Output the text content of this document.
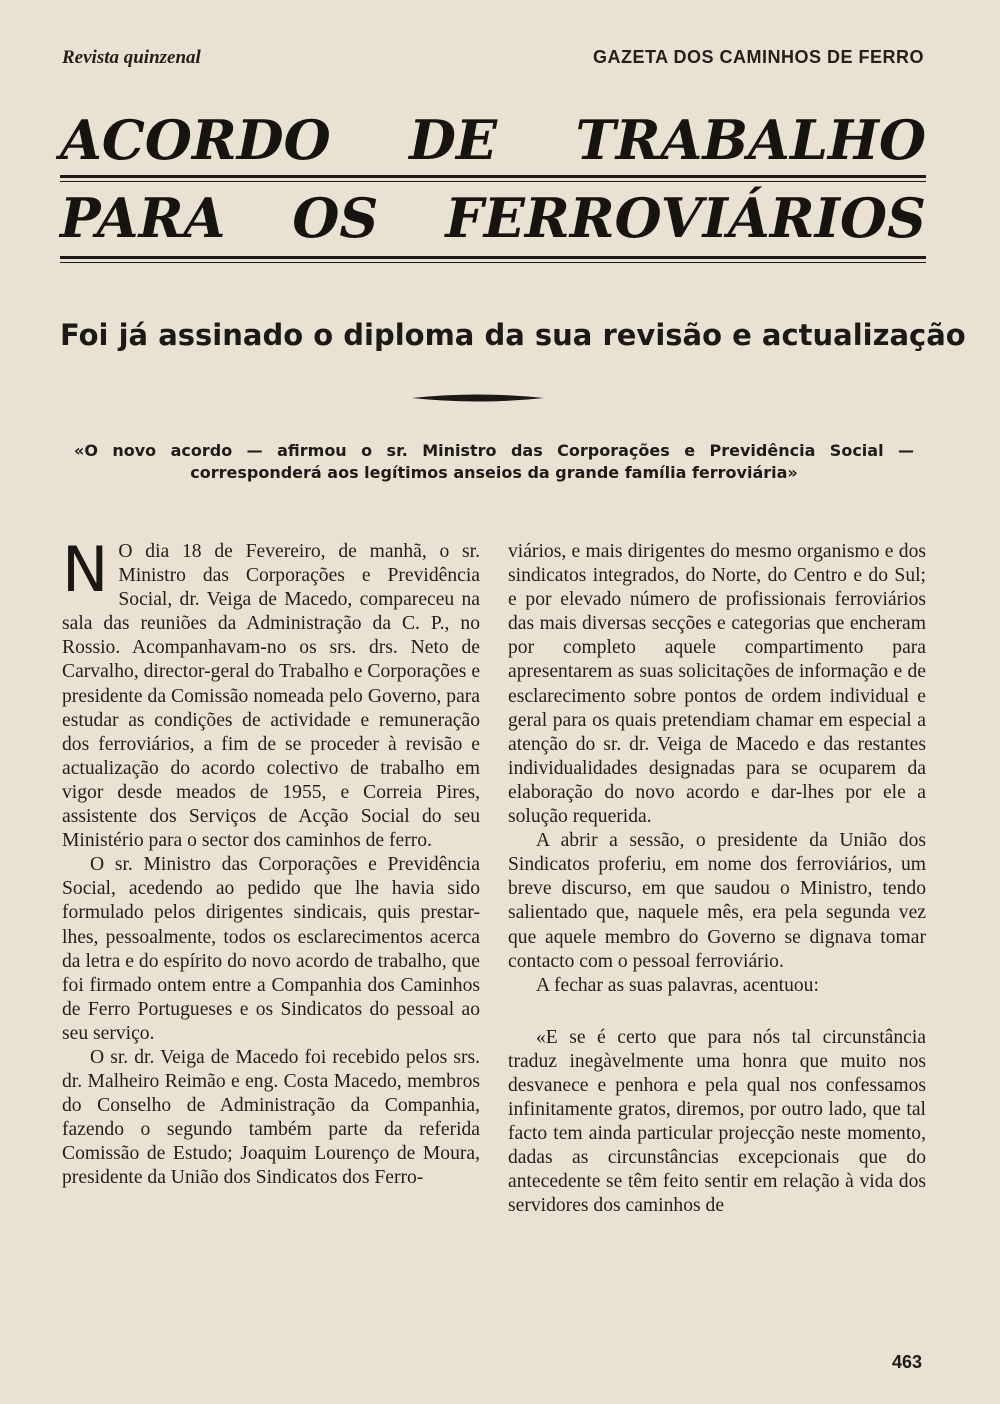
Revista quinzenal	GAZETA DOS CAMINHOS DE FERRO
ACORDO DE TRABALHO
PARA OS FERROVIÁRIOS
Foi já assinado o diploma da sua revisão e actualização
«O novo acordo — afirmou o sr. Ministro das Corporações e Previdência Social — corresponderá aos legítimos anseios da grande família ferroviária»

N O dia 18 de Fevereiro, de manhã, o sr. Ministro das Corporações e Previdência Social, dr. Veiga de Macedo, compareceu na sala das reuniões da Administração da C. P., no Rossio. Acompanhavam-no os srs. drs. Neto de Carvalho, director-geral do Trabalho e Corporações e presidente da Comissão nomeada pelo Governo, para estudar as condições de actividade e remuneração dos ferroviários, a fim de se proceder à revisão e actualização do acordo colectivo de trabalho em vigor desde meados de 1955, e Correia Pires, assistente dos Serviços de Acção Social do seu Ministério para o sector dos caminhos de ferro.

O sr. Ministro das Corporações e Previdência Social, acedendo ao pedido que lhe havia sido formulado pelos dirigentes sindicais, quis prestar-lhes, pessoalmente, todos os esclarecimentos acerca da letra e do espírito do novo acordo de trabalho, que foi firmado ontem entre a Companhia dos Caminhos de Ferro Portugueses e os Sindicatos do pessoal ao seu serviço.

O sr. dr. Veiga de Macedo foi recebido pelos srs. dr. Malheiro Reimão e eng. Costa Macedo, membros do Conselho de Administração da Companhia, fazendo o segundo também parte da referida Comissão de Estudo; Joaquim Lourenço de Moura, presidente da União dos Sindicatos dos Ferro-

viários, e mais dirigentes do mesmo organismo e dos sindicatos integrados, do Norte, do Centro e do Sul; e por elevado número de profissionais ferroviários das mais diversas secções e categorias que encheram por completo aquele compartimento para apresentarem as suas solicitações de informação e de esclarecimento sobre pontos de ordem individual e geral para os quais pretendiam chamar em especial a atenção do sr. dr. Veiga de Macedo e das restantes individualidades designadas para se ocuparem da elaboração do novo acordo e dar-lhes por ele a solução requerida.

A abrir a sessão, o presidente da União dos Sindicatos proferiu, em nome dos ferroviários, um breve discurso, em que saudou o Ministro, tendo salientado que, naquele mês, era pela segunda vez que aquele membro do Governo se dignava tomar contacto com o pessoal ferroviário.

A fechar as suas palavras, acentuou:

«E se é certo que para nós tal circunstância traduz inegàvelmente uma honra que muito nos desvanece e penhora e pela qual nos confessamos infinitamente gratos, diremos, por outro lado, que tal facto tem ainda particular projecção neste momento, dadas as circunstâncias excepcionais que do antecedente se têm feito sentir em relação à vida dos servidores dos caminhos de

463
